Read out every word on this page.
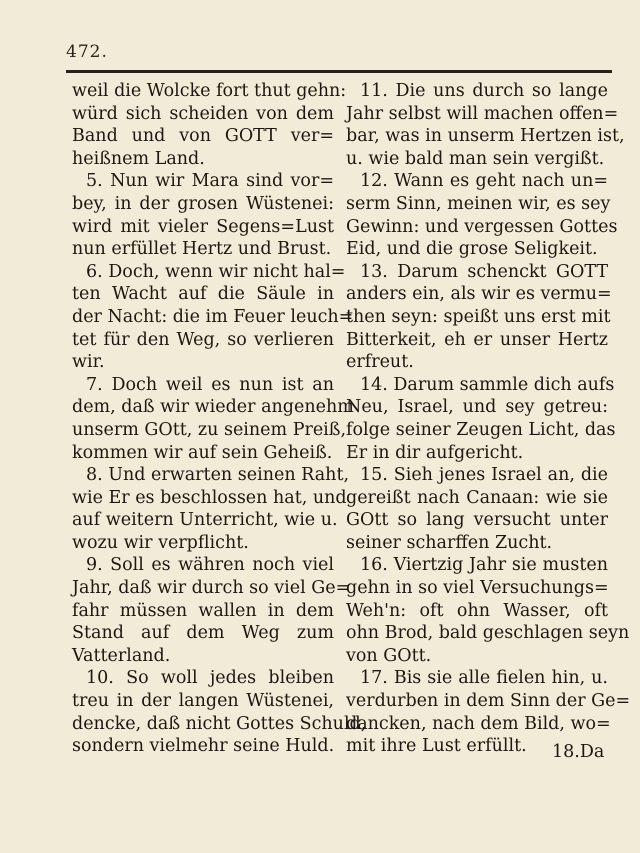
472.
weil die Wolcke fort thut gehn:
würd sich scheiden von dem
Band und von GOTT ver=
heißnem Land.
5. Nun wir Mara sind vor=
bey, in der grosen Wüstenei:
wird mit vieler Segens=Lust
nun erfüllet Hertz und Brust.
6. Doch, wenn wir nicht hal=
ten Wacht auf die Säule in
der Nacht: die im Feuer leuch=
tet für den Weg, so verlieren
wir.
7. Doch weil es nun ist an
dem, daß wir wieder angenehm
unserm GOtt, zu seinem Preiß,
kommen wir auf sein Geheiß.
8. Und erwarten seinen Raht,
wie Er es beschlossen hat, und
auf weitern Unterricht, wie u.
wozu wir verpflicht.
9. Soll es währen noch viel
Jahr, daß wir durch so viel Ge=
fahr müssen wallen in dem
Stand auf dem Weg zum
Vatterland.
10. So woll jedes bleiben
treu in der langen Wüstenei,
dencke, daß nicht Gottes Schuld,
sondern vielmehr seine Huld.
11. Die uns durch so lange
Jahr selbst will machen offen=
bar, was in unserm Hertzen ist,
u. wie bald man sein vergißt.
12. Wann es geht nach un=
serm Sinn, meinen wir, es sey
Gewinn: und vergessen Gottes
Eid, und die grose Seligkeit.
13. Darum schenckt GOTT
anders ein, als wir es vermu=
then seyn: speißt uns erst mit
Bitterkeit, eh er unser Hertz
erfreut.
14. Darum sammle dich aufs
Neu, Israel, und sey getreu:
folge seiner Zeugen Licht, das
Er in dir aufgericht.
15. Sieh jenes Israel an, die
gereißt nach Canaan: wie sie
GOtt so lang versucht unter
seiner scharffen Zucht.
16. Viertzig Jahr sie musten
gehn in so viel Versuchungs=
Weh'n: oft ohn Wasser, oft
ohn Brod, bald geschlagen seyn
von GOtt.
17. Bis sie alle fielen hin, u.
verdurben in dem Sinn der Ge=
dancken, nach dem Bild, wo=
mit ihre Lust erfüllt.	18.Da
